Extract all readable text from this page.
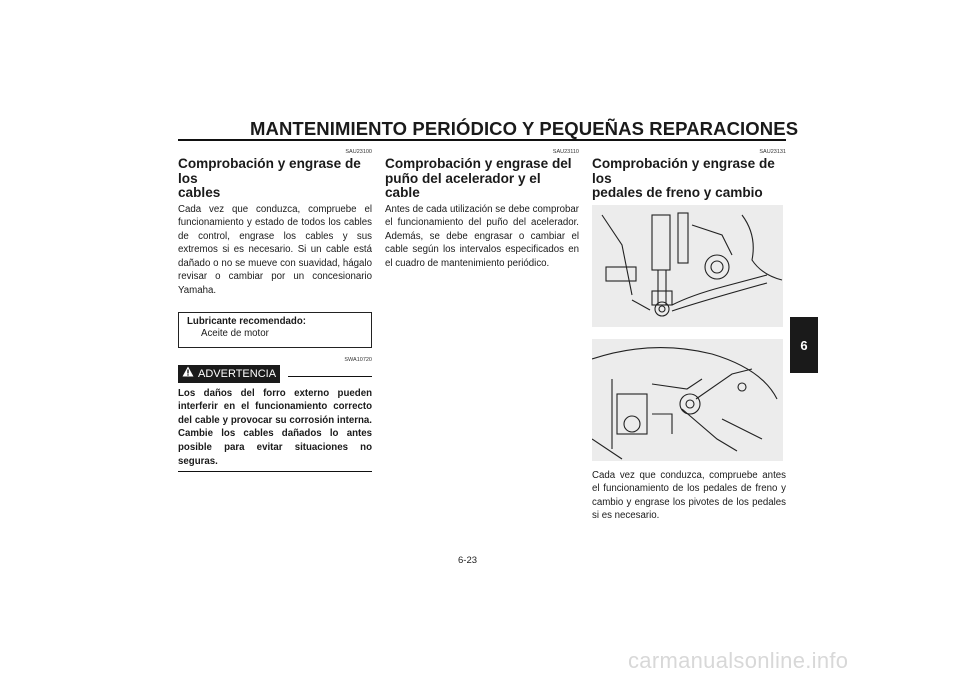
MANTENIMIENTO PERIÓDICO Y PEQUEÑAS REPARACIONES
SAU23100
Comprobación y engrase de los
cables

Cada vez que conduzca, compruebe el funcionamiento y estado de todos los cables de control, engrase los cables y sus extremos si es necesario. Si un cable está dañado o no se mueve con suavidad, hágalo revisar o cambiar por un concesionario Yamaha.

Lubricante recomendado:
Aceite de motor
SWA10720
ADVERTENCIA

Los daños del forro externo pueden interferir en el funcionamiento correcto del cable y provocar su corrosión interna. Cambie los cables dañados lo antes posible para evitar situaciones no seguras.

SAU23110
Comprobación y engrase del
puño del acelerador y el cable

Antes de cada utilización se debe comprobar el funcionamiento del puño del acelerador. Además, se debe engrasar o cambiar el cable según los intervalos especificados en el cuadro de mantenimiento periódico.

SAU23131
Comprobación y engrase de los
pedales de freno y cambio

Cada vez que conduzca, compruebe antes el funcionamiento de los pedales de freno y cambio y engrase los pivotes de los pedales si es necesario.

6
6-23
carmanualsonline.info
